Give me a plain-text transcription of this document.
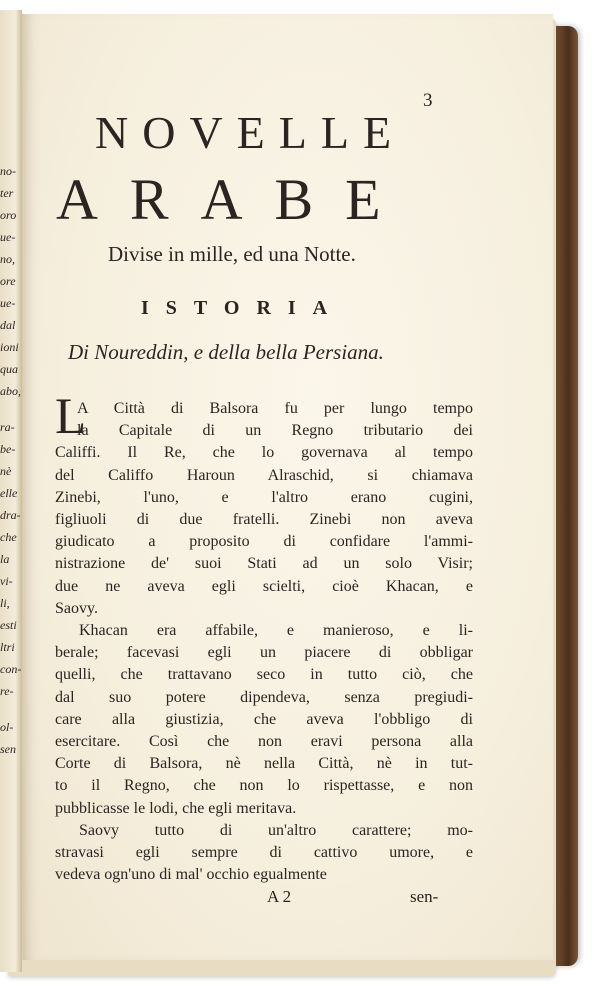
no-
ter
oro
ue-
no,
ore
ue-
dal
ioni
qua
abo,
ra-
be-
nè
elle
dra-
che
la
vi-
li,
esti
ltri
con-
re-
ol-
sen
3
NOVELLE
ARABE
Divise in mille, ed una Notte.
ISTORIA
Di Noureddin, e della bella Persiana.
L
A Città di Balsora fu per lungo tempo
la Capitale di un Regno tributario dei
Califfi. Il Re, che lo governava al tempo
del Califfo Haroun Alraschid, si chiamava
Zinebi, l'uno, e l'altro erano cugini,
figliuoli di due fratelli. Zinebi non aveva
giudicato a proposito di confidare l'ammi-
nistrazione de' suoi Stati ad un solo Visir;
due ne aveva egli scielti, cioè Khacan, e
Saovy.
Khacan era affabile, e manieroso, e li-
berale; facevasi egli un piacere di obbligar
quelli, che trattavano seco in tutto ciò, che
dal suo potere dipendeva, senza pregiudi-
care alla giustizia, che aveva l'obbligo di
esercitare. Così che non eravi persona alla
Corte di Balsora, nè nella Città, nè in tut-
to il Regno, che non lo rispettasse, e non
pubblicasse le lodi, che egli meritava.
Saovy tutto di un'altro carattere; mo-
stravasi egli sempre di cattivo umore, e
vedeva ogn'uno di mal' occhio egualmente
A 2	sen-
